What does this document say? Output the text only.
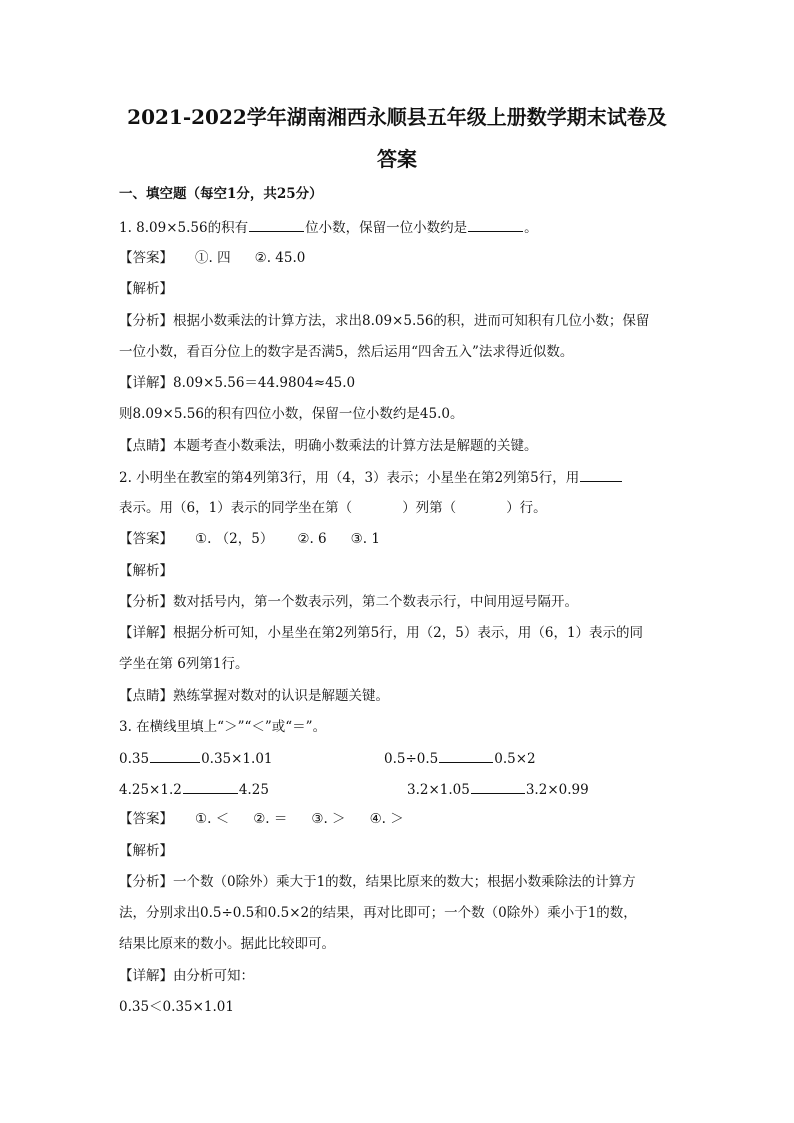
2021-2022学年湖南湘西永顺县五年级上册数学期末试卷及
答案
一、填空题（每空1分，共25分）
1. 8.09×5.56的积有	位小数，保留一位小数约是	。
【答案】 ①. 四 ②. 45.0
【解析】
【分析】根据小数乘法的计算方法，求出8.09×5.56的积，进而可知积有几位小数；保留
一位小数，看百分位上的数字是否满5，然后运用“四舍五入”法求得近似数。
【详解】8.09×5.56＝44.9804≈45.0
则8.09×5.56的积有四位小数，保留一位小数约是45.0。
【点睛】本题考查小数乘法，明确小数乘法的计算方法是解题的关键。
2. 小明坐在教室的第4列第3行，用（4，3）表示；小星坐在第2列第5行，用
表示。用（6，1）表示的同学坐在第（	）列第（	）行。
【答案】 ①. （2，5） ②. 6 ③. 1
【解析】
【分析】数对括号内，第一个数表示列，第二个数表示行，中间用逗号隔开。
【详解】根据分析可知，小星坐在第2列第5行，用（2，5）表示，用（6，1）表示的同
学坐在第 6列第1行。
【点睛】熟练掌握对数对的认识是解题关键。
3. 在横线里填上“＞”“＜”或“＝”。
0.35	0.35×1.01	0.5÷0.5	0.5×2
4.25×1.2	4.25	3.2×1.05	3.2×0.99
【答案】 ①. ＜ ②. ＝ ③. ＞ ④. ＞
【解析】
【分析】一个数（0除外）乘大于1的数，结果比原来的数大；根据小数乘除法的计算方
法，分别求出0.5÷0.5和0.5×2的结果，再对比即可；一个数（0除外）乘小于1的数，
结果比原来的数小。据此比较即可。
【详解】由分析可知：
0.35＜0.35×1.01
